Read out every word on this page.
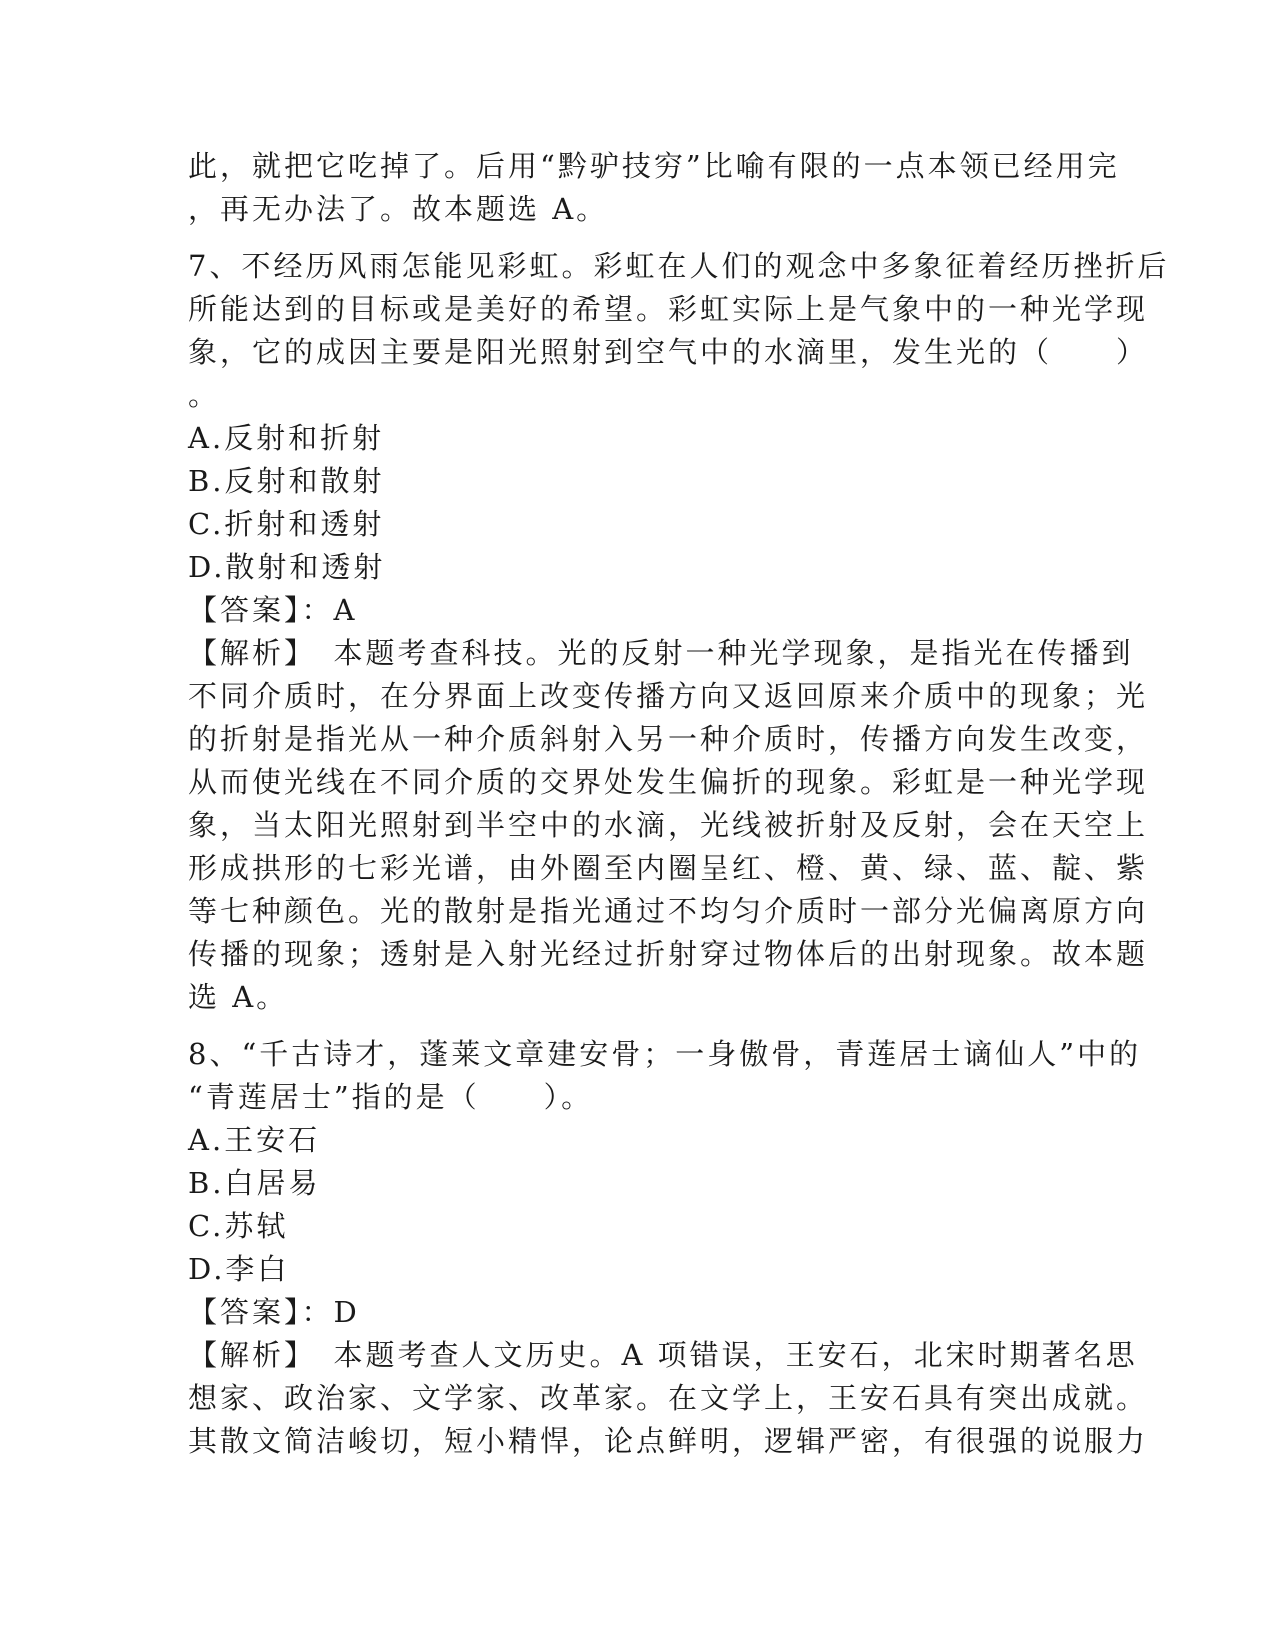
此，就把它吃掉了。后用“黔驴技穷”比喻有限的一点本领已经用完
，再无办法了。故本题选 A。
7、不经历风雨怎能见彩虹。彩虹在人们的观念中多象征着经历挫折后
所能达到的目标或是美好的希望。彩虹实际上是气象中的一种光学现
象，它的成因主要是阳光照射到空气中的水滴里，发生光的（　　）
。
A.反射和折射
B.反射和散射
C.折射和透射
D.散射和透射
【答案】：A
【解析】　本题考查科技。光的反射一种光学现象，是指光在传播到
不同介质时，在分界面上改变传播方向又返回原来介质中的现象；光
的折射是指光从一种介质斜射入另一种介质时，传播方向发生改变，
从而使光线在不同介质的交界处发生偏折的现象。彩虹是一种光学现
象，当太阳光照射到半空中的水滴，光线被折射及反射，会在天空上
形成拱形的七彩光谱，由外圈至内圈呈红、橙、黄、绿、蓝、靛、紫
等七种颜色。光的散射是指光通过不均匀介质时一部分光偏离原方向
传播的现象；透射是入射光经过折射穿过物体后的出射现象。故本题
选 A。
8、“千古诗才，蓬莱文章建安骨；一身傲骨，青莲居士谪仙人”中的
“青莲居士”指的是（　　）。
A.王安石
B.白居易
C.苏轼
D.李白
【答案】：D
【解析】　本题考查人文历史。A 项错误，王安石，北宋时期著名思
想家、政治家、文学家、改革家。在文学上，王安石具有突出成就。
其散文简洁峻切，短小精悍，论点鲜明，逻辑严密，有很强的说服力
